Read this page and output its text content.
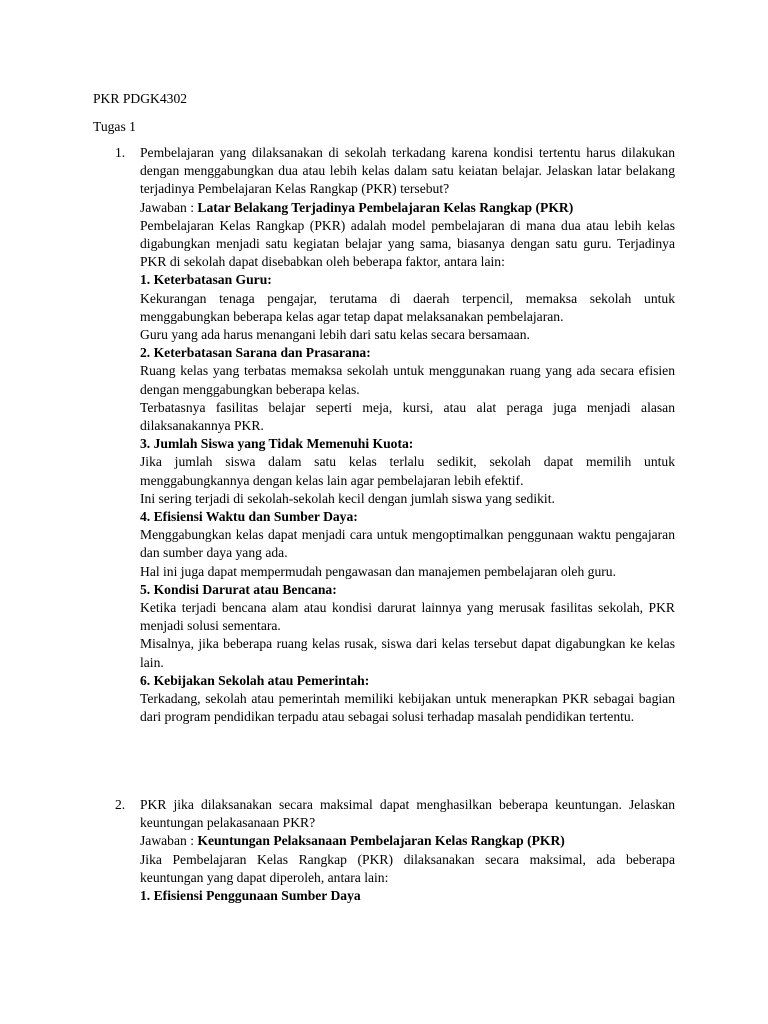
PKR PDGK4302
Tugas 1
1. Pembelajaran yang dilaksanakan di sekolah terkadang karena kondisi tertentu harus dilakukan dengan menggabungkan dua atau lebih kelas dalam satu keiatan belajar. Jelaskan latar belakang terjadinya Pembelajaran Kelas Rangkap (PKR) tersebut?

Jawaban : Latar Belakang Terjadinya Pembelajaran Kelas Rangkap (PKR)

Pembelajaran Kelas Rangkap (PKR) adalah model pembelajaran di mana dua atau lebih kelas digabungkan menjadi satu kegiatan belajar yang sama, biasanya dengan satu guru. Terjadinya PKR di sekolah dapat disebabkan oleh beberapa faktor, antara lain:

1. Keterbatasan Guru:

Kekurangan tenaga pengajar, terutama di daerah terpencil, memaksa sekolah untuk menggabungkan beberapa kelas agar tetap dapat melaksanakan pembelajaran.

Guru yang ada harus menangani lebih dari satu kelas secara bersamaan.

2. Keterbatasan Sarana dan Prasarana:

Ruang kelas yang terbatas memaksa sekolah untuk menggunakan ruang yang ada secara efisien dengan menggabungkan beberapa kelas.

Terbatasnya fasilitas belajar seperti meja, kursi, atau alat peraga juga menjadi alasan dilaksanakannya PKR.

3. Jumlah Siswa yang Tidak Memenuhi Kuota:

Jika jumlah siswa dalam satu kelas terlalu sedikit, sekolah dapat memilih untuk menggabungkannya dengan kelas lain agar pembelajaran lebih efektif.

Ini sering terjadi di sekolah-sekolah kecil dengan jumlah siswa yang sedikit.

4. Efisiensi Waktu dan Sumber Daya:

Menggabungkan kelas dapat menjadi cara untuk mengoptimalkan penggunaan waktu pengajaran dan sumber daya yang ada.

Hal ini juga dapat mempermudah pengawasan dan manajemen pembelajaran oleh guru.

5. Kondisi Darurat atau Bencana:

Ketika terjadi bencana alam atau kondisi darurat lainnya yang merusak fasilitas sekolah, PKR menjadi solusi sementara.

Misalnya, jika beberapa ruang kelas rusak, siswa dari kelas tersebut dapat digabungkan ke kelas lain.

6. Kebijakan Sekolah atau Pemerintah:

Terkadang, sekolah atau pemerintah memiliki kebijakan untuk menerapkan PKR sebagai bagian dari program pendidikan terpadu atau sebagai solusi terhadap masalah pendidikan tertentu.

2. PKR jika dilaksanakan secara maksimal dapat menghasilkan beberapa keuntungan. Jelaskan keuntungan pelakasanaan PKR?

Jawaban : Keuntungan Pelaksanaan Pembelajaran Kelas Rangkap (PKR)

Jika Pembelajaran Kelas Rangkap (PKR) dilaksanakan secara maksimal, ada beberapa keuntungan yang dapat diperoleh, antara lain:

1. Efisiensi Penggunaan Sumber Daya
